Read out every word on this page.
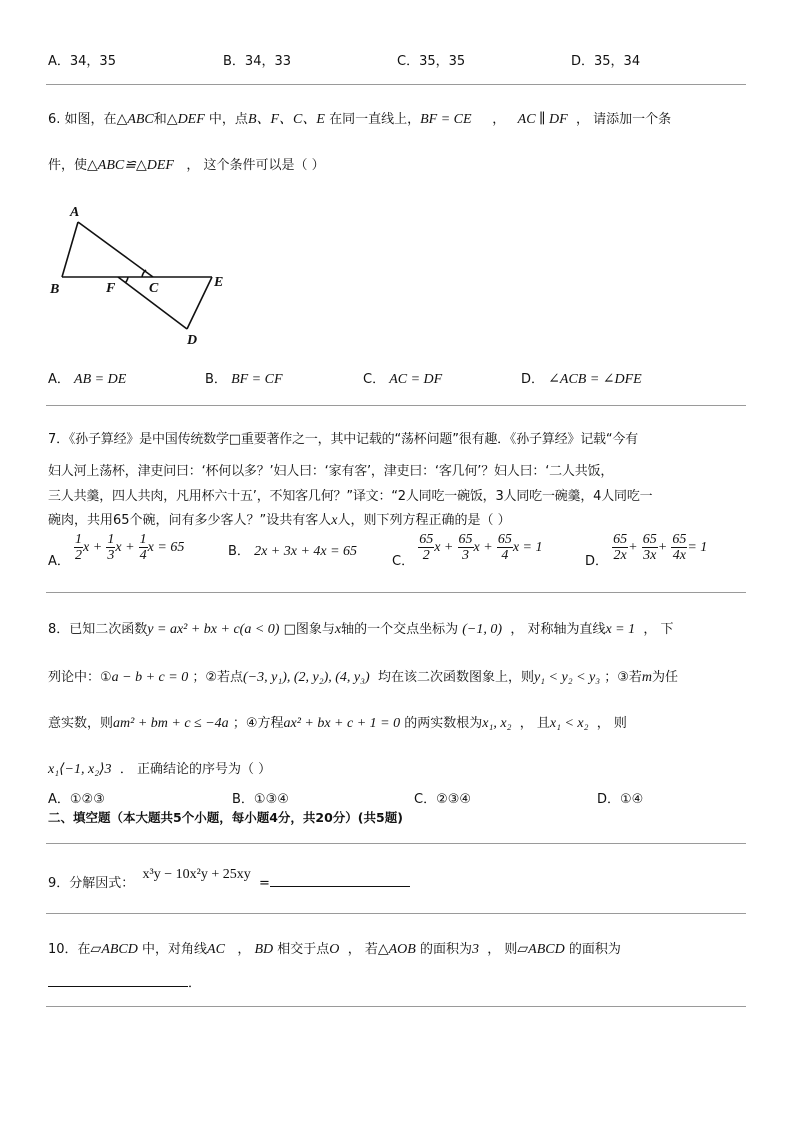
A．34，35	B．34，33	C．35，35	D．35，34
6. 如图，在△ABC和△DEF 中，点B、F、C、E 在同一直线上，BF = CE ， AC ∥ DF ， 请添加一个条
件，使△ABC≌△DEF ， 这个条件可以是（ ）
A
B	F C	E
D
A． AB = DE	B． BF = CF	C． AC = DF	D． ∠ACB = ∠DFE
7．《孙子算经》是中国传统数学□重要著作之一，其中记载的“荡杯问题”很有趣．《孙子算经》记载“今有
妇人河上荡杯，津吏问曰：‘杯何以多？’妇人曰：‘家有客’，津吏曰：‘客几何’？妇人曰：‘二人共饭，
三人共羹，四人共肉，凡用杯六十五’，不知客几何？”译文：“2人同吃一碗饭，3人同吃一碗羹，4人同吃一
碗肉，共用65个碗，问有多少客人？”设共有客人x人，则下列方程正确的是（ ）
A． $\frac{1}{2}$ $x + \frac{1}{3}$ $x + \frac{1}{4}$ x = 65	B． 2x + 3x + 4x = 65
C． $\frac{65}{2}$ $x + \frac{65}{3}$ $x + \frac{65}{4}$ x = 1
D． $\frac{65}{2x} + \frac{65}{3x} + \frac{65}{4x} = 1$
8．已知二次函数y = ax² + bx + c(a < 0) □图象与x轴的一个交点坐标为 (−1, 0) ， 对称轴为直线x = 1 ， 下
列论中：①a − b + c = 0 ；②若点(−3, y₁), (2, y₂), (4, y₃) 均在该二次函数图象上，则y₁ < y₂ < y₃ ；③若m为任
意实数，则am² + bm + c ≤ −4a ；④方程ax² + bx + c + 1 = 0 的两实数根为x₁, x₂ ， 且x₁ < x₂ ， 则
x₁⟨−1, x₂⟩3 ． 正确结论的序号为（ ）
A．①②③	B．①③④	C．②③④	D．①④
二、填空题（本大题共5个小题，每小题4分，共20分）(共5题)
9．分解因式：  x³y − 10x²y + 25xy  =
10．在▱ABCD 中，对角线AC ， BD 相交于点O ， 若△AOB 的面积为3 ， 则▱ABCD 的面积为
．
